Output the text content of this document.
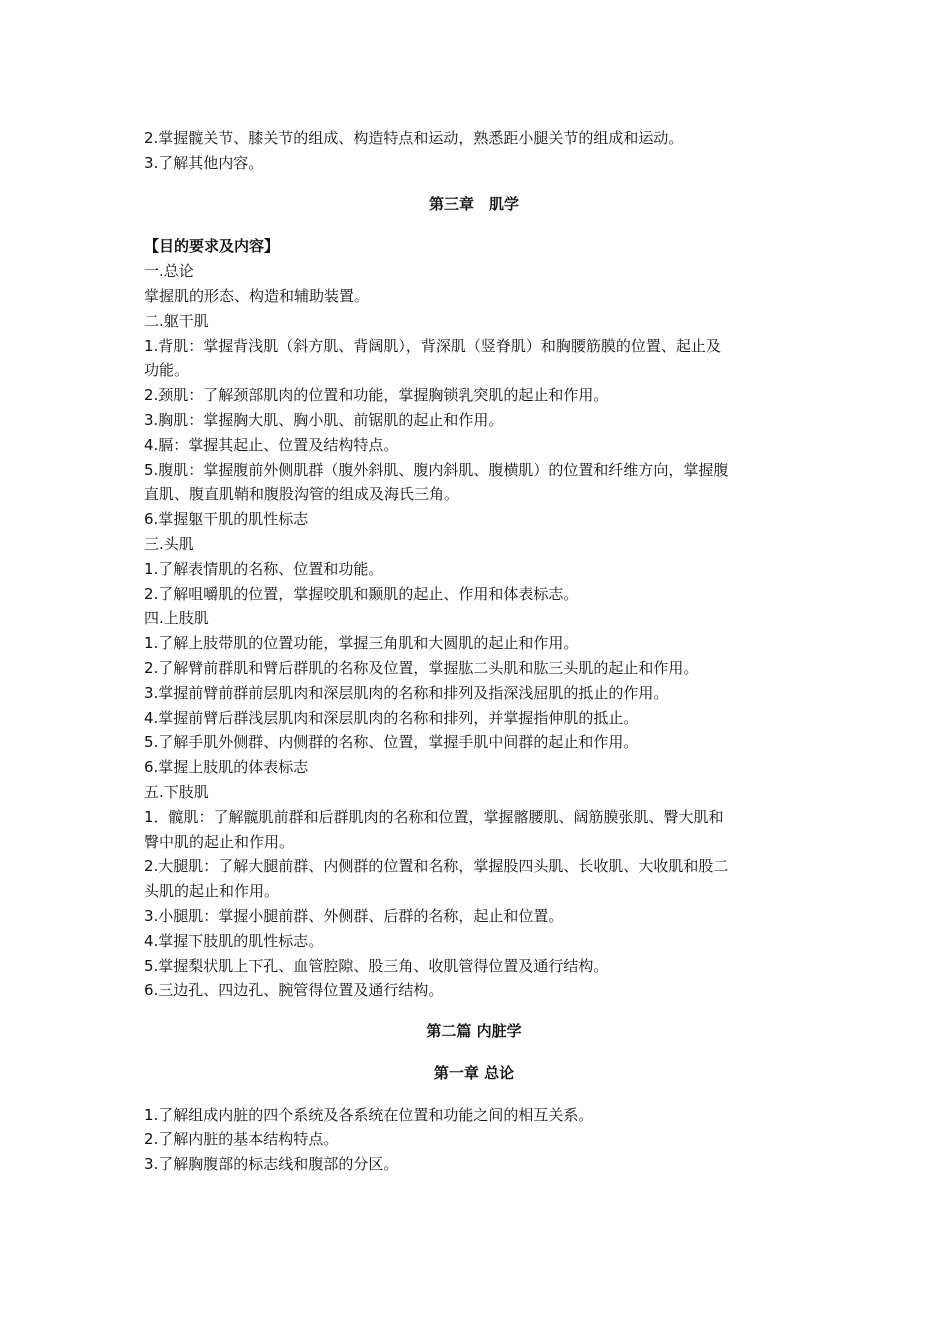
2.掌握髋关节、膝关节的组成、构造特点和运动，熟悉距小腿关节的组成和运动。
3.了解其他内容。
第三章　肌学
【目的要求及内容】
一.总论
掌握肌的形态、构造和辅助装置。
二.躯干肌
1.背肌：掌握背浅肌（斜方肌、背阔肌），背深肌（竖脊肌）和胸腰筋膜的位置、起止及
功能。
2.颈肌：了解颈部肌肉的位置和功能，掌握胸锁乳突肌的起止和作用。
3.胸肌：掌握胸大肌、胸小肌、前锯肌的起止和作用。
4.膈：掌握其起止、位置及结构特点。
5.腹肌：掌握腹前外侧肌群（腹外斜肌、腹内斜肌、腹横肌）的位置和纤维方向，掌握腹
直肌、腹直肌鞘和腹股沟管的组成及海氏三角。
6.掌握躯干肌的肌性标志
三.头肌
1.了解表情肌的名称、位置和功能。
2.了解咀嚼肌的位置，掌握咬肌和颞肌的起止、作用和体表标志。
四.上肢肌
1.了解上肢带肌的位置功能，掌握三角肌和大圆肌的起止和作用。
2.了解臂前群肌和臂后群肌的名称及位置，掌握肱二头肌和肱三头肌的起止和作用。
3.掌握前臂前群前层肌肉和深层肌肉的名称和排列及指深浅屈肌的抵止的作用。
4.掌握前臂后群浅层肌肉和深层肌肉的名称和排列，并掌握指伸肌的抵止。
5.了解手肌外侧群、内侧群的名称、位置，掌握手肌中间群的起止和作用。
6.掌握上肢肌的体表标志
五.下肢肌
1．髋肌：了解髋肌前群和后群肌肉的名称和位置，掌握髂腰肌、阔筋膜张肌、臀大肌和
臀中肌的起止和作用。
2.大腿肌：了解大腿前群、内侧群的位置和名称，掌握股四头肌、长收肌、大收肌和股二
头肌的起止和作用。
3.小腿肌：掌握小腿前群、外侧群、后群的名称，起止和位置。
4.掌握下肢肌的肌性标志。
5.掌握梨状肌上下孔、血管腔隙、股三角、收肌管得位置及通行结构。
6.三边孔、四边孔、腕管得位置及通行结构。
第二篇 内脏学
第一章 总论
1.了解组成内脏的四个系统及各系统在位置和功能之间的相互关系。
2.了解内脏的基本结构特点。
3.了解胸腹部的标志线和腹部的分区。
